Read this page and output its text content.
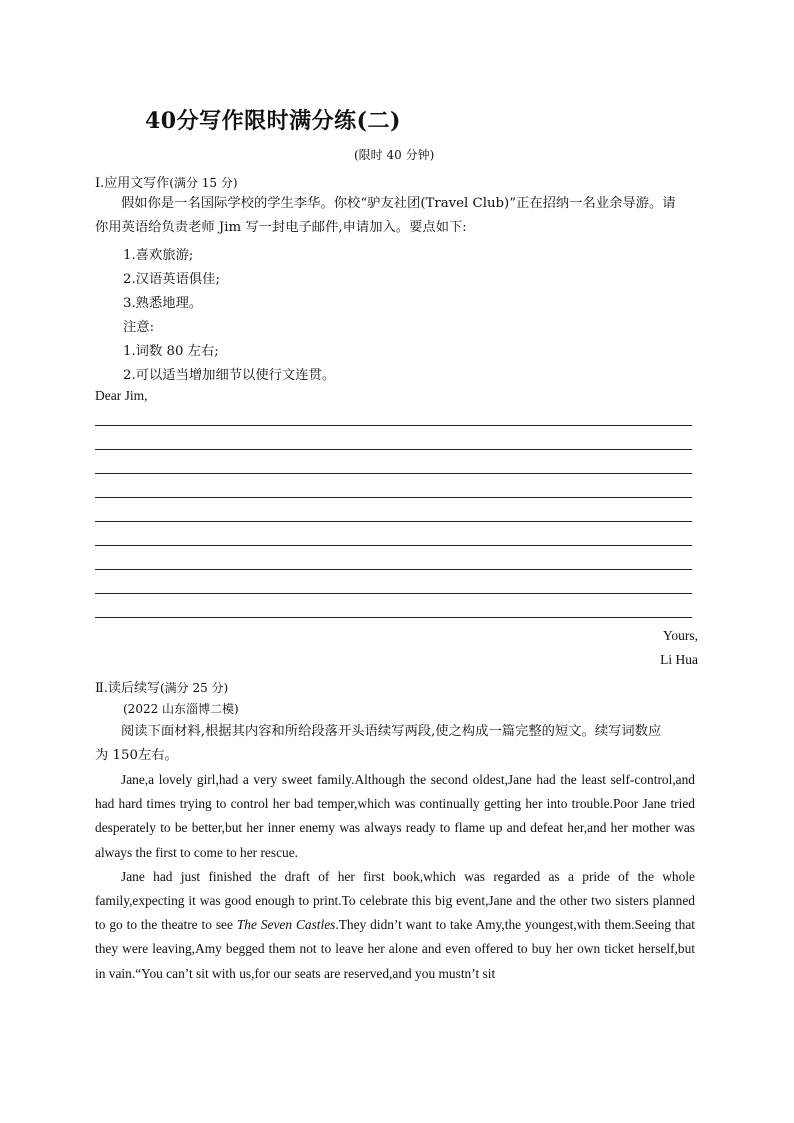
40分写作限时满分练(二)
(限时 40 分钟)
Ⅰ.应用文写作(满分 15 分)
假如你是一名国际学校的学生李华。你校“驴友社团(Travel Club)”正在招纳一名业余导游。请
你用英语给负责老师 Jim 写一封电子邮件,申请加入。要点如下:
1.喜欢旅游;
2.汉语英语俱佳;
3.熟悉地理。
注意:
1.词数 80 左右;
2.可以适当增加细节以使行文连贯。
Dear Jim,
Yours,
Li Hua
Ⅱ.读后续写(满分 25 分)
(2022 山东淄博二模)
阅读下面材料,根据其内容和所给段落开头语续写两段,使之构成一篇完整的短文。续写词数应
为 150左右。

Jane,a lovely girl,had a very sweet family.Although the second oldest,Jane had the least self-control,and had hard times trying to control her bad temper,which was continually getting her into trouble.Poor Jane tried desperately to be better,but her inner enemy was always ready to flame up and defeat her,and her mother was always the first to come to her rescue.

Jane had just finished the draft of her first book,which was regarded as a pride of the whole family,expecting it was good enough to print.To celebrate this big event,Jane and the other two sisters planned to go to the theatre to see The Seven Castles.They didn’t want to take Amy,the youngest,with them.Seeing that they were leaving,Amy begged them not to leave her alone and even offered to buy her own ticket herself,but in vain.“You can’t sit with us,for our seats are reserved,and you mustn’t sit
